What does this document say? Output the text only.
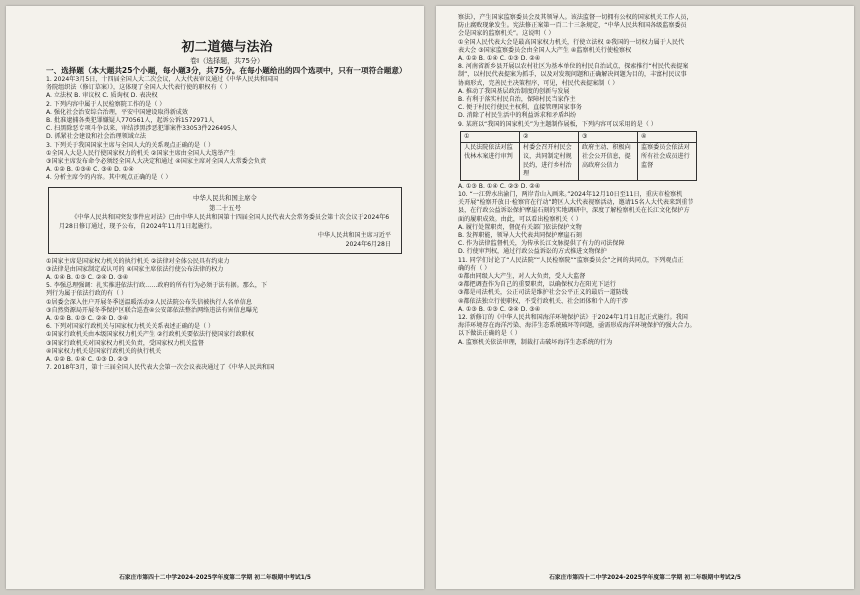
初二道德与法治
卷Ⅰ（选择题，共75分）
一、选择题（本大题共25个小题，每小题3分，共75分。在每小题给出的四个选项中，只有一项符合题意）
1. 2024年3月5日，十四届全国人大二次会议，人大代表审议通过《中华人民共和国国
务院组织法（修订草案）》，这体现了全国人大代表行使的职权有（ ）
A. 立法权 B. 审议权 C. 质询权 D. 表决权
2. 下列内容中属于人民检察院工作的是（ ）
A. 强化社会治安综合治理，平安中国建设取得新成效
B. 批准逮捕各类犯罪嫌疑人770561人，起诉公诉1572971人
C. 扫黑除恶专项斗争以来，审结涉黑涉恶犯罪案件33053件226495人
D. 抓紧社会建设和社会治理领域立法
3. 下列关于我国国家主席与全国人大的关系观点正确的是（ ）
①全国人大是人民行使国家权力的机关 ②国家主席由全国人大选举产生
③国家主席发布命令必须经全国人大决定和通过 ④国家主席对全国人大常委会负责
A. ①② B. ①③④ C. ③④ D. ①④
4. 分析主席令的内容。其中观点正确的是（ ）
中华人民共和国主席令
第二十五号
《中华人民共和国突发事件应对法》已由中华人民共和国第十四届全国人民代表大会常务委员会第十次会议于2024年6月28日修订通过，现予公布，自2024年11月1日起施行。
中华人民共和国主席习近平
2024年6月28日
①国家主席是国家权力机关的执行机关 ②法律对全体公民具有约束力
③法律是由国家制定或认可的 ④国家主席依法行使公布法律的权力
A. ①④ B. ①③ C. ②④ D. ③④
5. 李强总理强调：扎实推进依法行政……政府的所有行为必须于法有据。那么，下
列行为属于依法行政的有（ ）
①居委会深入住户开展冬季送温暖活动②人民法院公布失信被执行人名单信息
③自然资源局开展冬季保护区联合巡查④公安部依法整治网络违法有害信息曝光
A. ①② B. ①③ C. ②④ D. ③④
6. 下列对国家行政机关与国家权力机关关系表述正确的是（ ）
①国家行政机关由本级国家权力机关产生 ②行政机关要依法行使国家行政职权
③国家行政机关对国家权力机关负责，受国家权力机关监督
④国家权力机关是国家行政机关的执行机关
A. ①② B. ①④ C. ①③ D. ②③
7. 2018年3月，第十三届全国人民代表大会第一次会议表决通过了《中华人民共和国
石家庄市第四十二中学2024-2025学年度第二学期 初二年级期中考试1/5
察法》，产生国家监察委员会及其领导人。该法监督一切拥有公权的国家机关工作人员，
防止腐败现象发生。宪法修正案第一百二十三条规定，“中华人民共和国各级监察委员
会是国家的监察机关”。这说明（ ）
①全国人民代表大会是最高国家权力机关，行使立法权 ②我国的一切权力属于人民代
表大会 ③国家监察委员会由全国人大产生 ④监察机关行使检察权
A. ①② B. ①④ C. ①③ D. ②④
8. 河南省新乡县开展以农村社区为基本单位的村民自治试点，探索推行“村民代表提案
制”，以村民代表提案为抓手，以及对发现问题和正确解决问题为目的，丰富村民议事
协商形式，完善民主决策程序，可见，村民代表提案制（ ）
A. 推动了我国基层政治制度的创新与发展
B. 有利于落实村民自治，保障村民当家作主
C. 便于村民行使民主权利，直接管理国家事务
D. 消除了村民生活中的利益诉求和矛盾纠纷
9. 某班以“我国的国家机关”为主题制作展板，下列内容可以采用的是（ ）
①	②	③	④
人民法院依法对监伐林木案进行审判	村委会召开村民会议，共同制定村规民约，进行乡村治理	政府主动、积极向社会公开信息，提高政府公信力	监察委员会依法对所有社会成员进行监督
A. ①③ B. ①④ C. ②③ D. ②④
10. “一江碧水出渝门，两岸青山入画来。”2024年12月10日至11日，重庆市检察机
关开展“检察开放日·检察官在行动”跨区人大代表视察活动，邀请15名人大代表来到重节
县，在行政公益诉讼保护摩崖石刻的实地调研中，深度了解检察机关在长江文化保护方
面的履职成效。由此，可以看出检察机关（ ）
A. 履行处置职责，督促有关部门依法保护文物
B. 发挥职能，领导人大代表共同保护摩崖石刻
C. 作为法律监督机关，为传承长江文脉提供了有力的司法保障
D. 行使审判权，通过行政公益诉讼的方式推进文物保护
11. 同学们讨论了“人民法院”“人民检察院”“监察委员会”之间的共同点，下列观点正
确的有（ ）
①都由同级人大产生，对人大负责，受人大监督
②都把调查作为自己的重要职责，以确保权力在阳光下运行
③都是司法机关，公正司法是维护社会公平正义的最后一道防线
④都依法独立行使职权，不受行政机关、社会团体和个人的干涉
A. ①③ B. ①③ C. ②④ D. ③④
12. 新修订的《中华人民共和国海洋环境保护法》于2024年1月1日起正式施行。我国
海洋环境存在海洋污染、海洋生态系统破坏等问题，亟需形成海洋环境保护的强大合力。
以下做法正确的是（ ）
A. 监察机关依法审理，制裁打击破坏海洋生态系统的行为
石家庄市第四十二中学2024-2025学年度第二学期 初二年级期中考试2/5
